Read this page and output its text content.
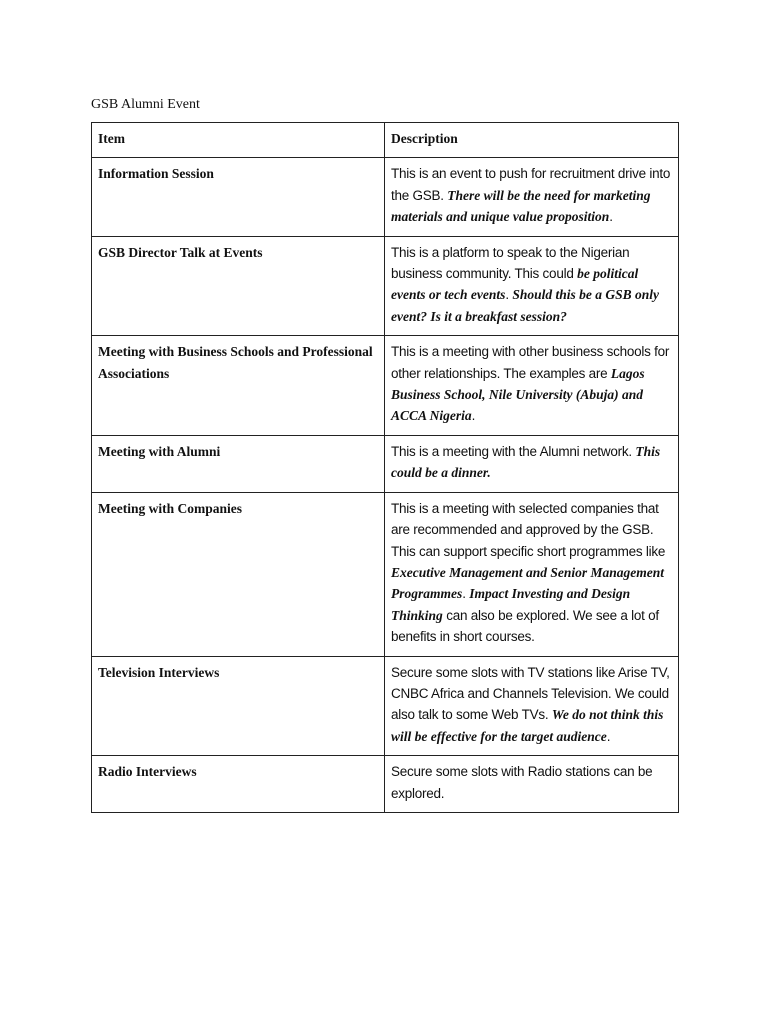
GSB Alumni Event
Item	Description
Information Session	This is an event to push for recruitment drive into the GSB. There will be the need for marketing materials and unique value proposition.
GSB Director Talk at Events	This is a platform to speak to the Nigerian business community. This could be political events or tech events. Should this be a GSB only event? Is it a breakfast session?
Meeting with Business Schools and Professional Associations	This is a meeting with other business schools for other relationships. The examples are Lagos Business School, Nile University (Abuja) and ACCA Nigeria.
Meeting with Alumni	This is a meeting with the Alumni network. This could be a dinner.
Meeting with Companies	This is a meeting with selected companies that are recommended and approved by the GSB. This can support specific short programmes like Executive Management and Senior Management Programmes. Impact Investing and Design Thinking can also be explored. We see a lot of benefits in short courses.
Television Interviews	Secure some slots with TV stations like Arise TV, CNBC Africa and Channels Television. We could also talk to some Web TVs. We do not think this will be effective for the target audience.
Radio Interviews	Secure some slots with Radio stations can be explored.
